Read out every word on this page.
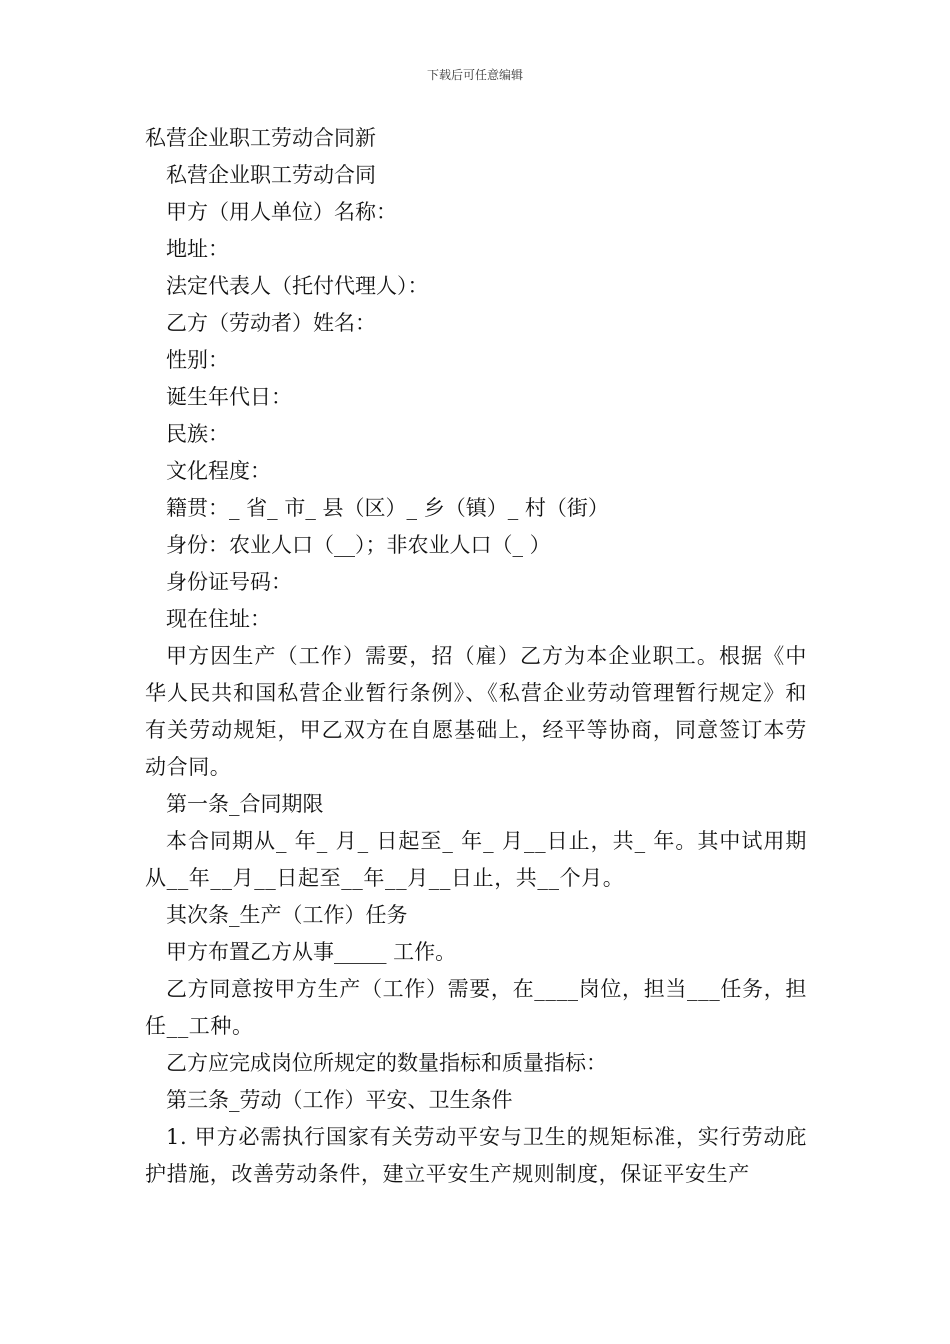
下载后可任意编辑

私营企业职工劳动合同新

私营企业职工劳动合同

甲方（用人单位）名称：

地址：

法定代表人（托付代理人）：

乙方（劳动者）姓名：

性别：

诞生年代日：

民族：

文化程度：

籍贯：_ 省_ 市_ 县（区）_ 乡（镇）_ 村（街）

身份：农业人口（__）；非农业人口（_ ）

身份证号码：

现在住址：

甲方因生产（工作）需要，招（雇）乙方为本企业职工。根据《中华人民共和国私营企业暂行条例》、《私营企业劳动管理暂行规定》和有关劳动规矩，甲乙双方在自愿基础上，经平等协商，同意签订本劳动合同。

第一条_合同期限

本合同期从_ 年_ 月_ 日起至_ 年_ 月__日止，共_ 年。其中试用期从__年__月__日起至__年__月__日止，共__个月。

其次条_生产（工作）任务

甲方布置乙方从事_____ 工作。

乙方同意按甲方生产（工作）需要，在____岗位，担当___任务，担任__工种。

乙方应完成岗位所规定的数量指标和质量指标：

第三条_劳动（工作）平安、卫生条件

1. 甲方必需执行国家有关劳动平安与卫生的规矩标准，实行劳动庇护措施，改善劳动条件，建立平安生产规则制度，保证平安生产
